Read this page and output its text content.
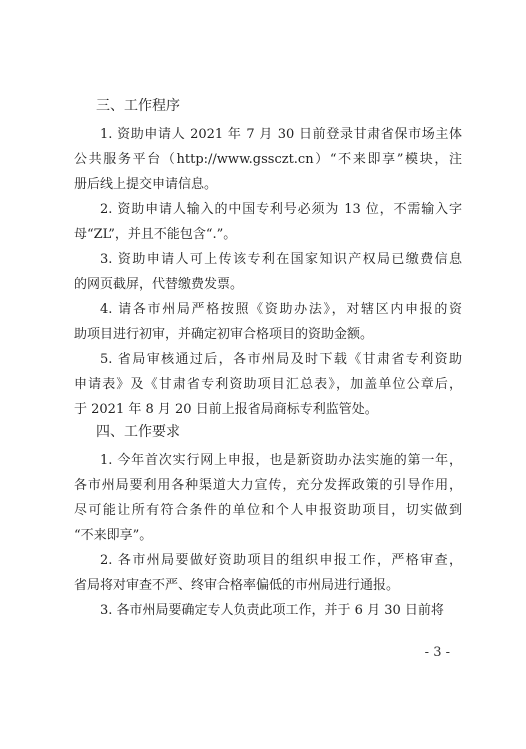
三、工作程序
1. 资助申请人 2021 年 7 月 30 日前登录甘肃省保市场主体
公共服务平台（http://www.gssczt.cn）“不来即享”模块，注
册后线上提交申请信息。
2. 资助申请人输入的中国专利号必须为 13 位，不需输入字
母“ZL”，并且不能包含“.”。
3. 资助申请人可上传该专利在国家知识产权局已缴费信息
的网页截屏，代替缴费发票。
4. 请各市州局严格按照《资助办法》，对辖区内申报的资
助项目进行初审，并确定初审合格项目的资助金额。
5. 省局审核通过后，各市州局及时下载《甘肃省专利资助
申请表》及《甘肃省专利资助项目汇总表》，加盖单位公章后，
于 2021 年 8 月 20 日前上报省局商标专利监管处。
四、工作要求
1. 今年首次实行网上申报，也是新资助办法实施的第一年，
各市州局要利用各种渠道大力宣传，充分发挥政策的引导作用，
尽可能让所有符合条件的单位和个人申报资助项目，切实做到
“不来即享”。
2. 各市州局要做好资助项目的组织申报工作，严格审查，
省局将对审查不严、终审合格率偏低的市州局进行通报。
3. 各市州局要确定专人负责此项工作，并于 6 月 30 日前将
- 3 -
